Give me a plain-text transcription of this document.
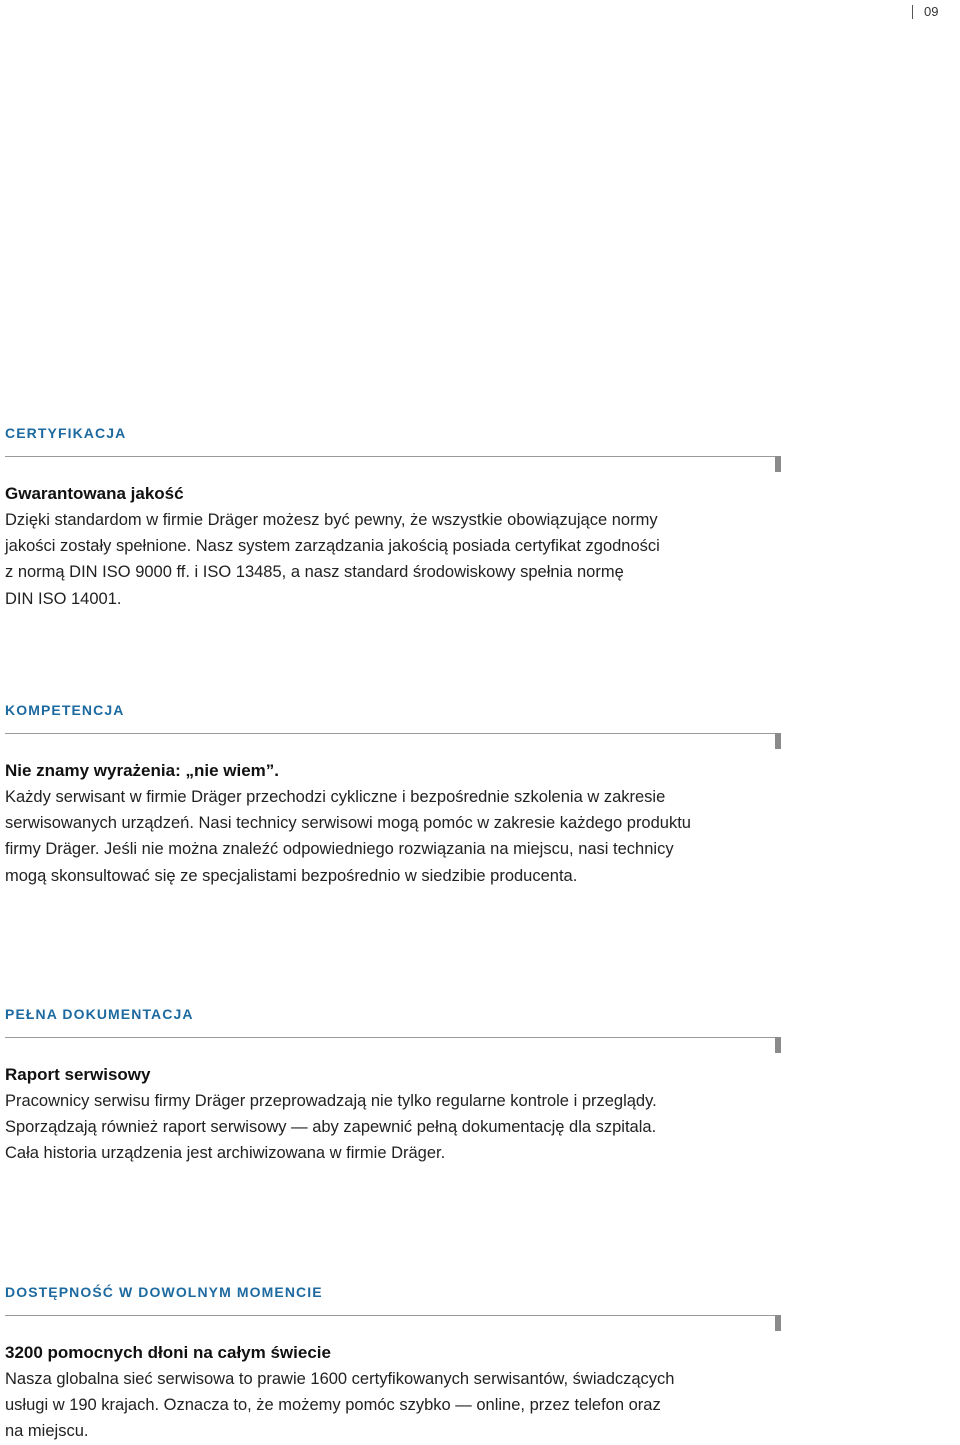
09
CERTYFIKACJA
Gwarantowana jakość

Dzięki standardom w firmie Dräger możesz być pewny, że wszystkie obowiązujące normy
jakości zostały spełnione. Nasz system zarządzania jakością posiada certyfikat zgodności
z normą DIN ISO 9000 ff. i ISO 13485, a nasz standard środowiskowy spełnia normę
DIN ISO 14001.

KOMPETENCJA
Nie znamy wyrażenia: „nie wiem”.

Każdy serwisant w firmie Dräger przechodzi cykliczne i bezpośrednie szkolenia w zakresie
serwisowanych urządzeń. Nasi technicy serwisowi mogą pomóc w zakresie każdego produktu
firmy Dräger. Jeśli nie można znaleźć odpowiedniego rozwiązania na miejscu, nasi technicy
mogą skonsultować się ze specjalistami bezpośrednio w siedzibie producenta.

PEŁNA DOKUMENTACJA
Raport serwisowy

Pracownicy serwisu firmy Dräger przeprowadzają nie tylko regularne kontrole i przeglądy.
Sporządzają również raport serwisowy — aby zapewnić pełną dokumentację dla szpitala.
Cała historia urządzenia jest archiwizowana w firmie Dräger.

DOSTĘPNOŚĆ W DOWOLNYM MOMENCIE
3200 pomocnych dłoni na całym świecie

Nasza globalna sieć serwisowa to prawie 1600 certyfikowanych serwisantów, świadczących
usługi w 190 krajach. Oznacza to, że możemy pomóc szybko — online, przez telefon oraz
na miejscu.
